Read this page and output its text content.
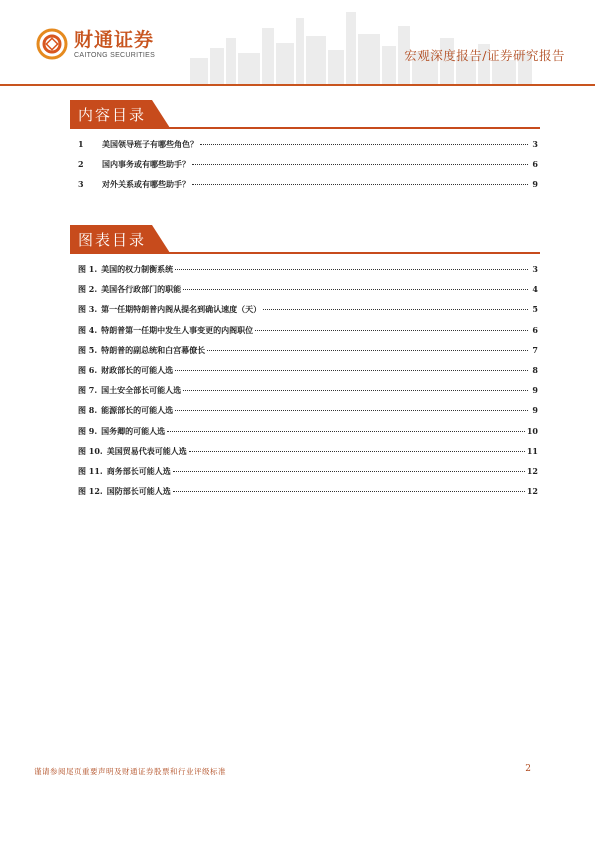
财通证券
CAITONG SECURITIES	宏观深度报告/证券研究报告
内容目录
1	美国领导班子有哪些角色？	3
2	国内事务或有哪些助手？	6
3	对外关系或有哪些助手？	9
图表目录
图 1. 美国的权力制衡系统	3
图 2. 美国各行政部门的职能	4
图 3. 第一任期特朗普内阁从提名到确认速度（天）	5
图 4. 特朗普第一任期中发生人事变更的内阁职位	6
图 5. 特朗普的副总统和白宫幕僚长	7
图 6. 财政部长的可能人选	8
图 7. 国土安全部长可能人选	9
图 8. 能源部长的可能人选	9
图 9. 国务卿的可能人选	10
图 10. 美国贸易代表可能人选	11
图 11. 商务部长可能人选	12
图 12. 国防部长可能人选	12
谨请参阅尾页重要声明及财通证券股票和行业评级标准	2
